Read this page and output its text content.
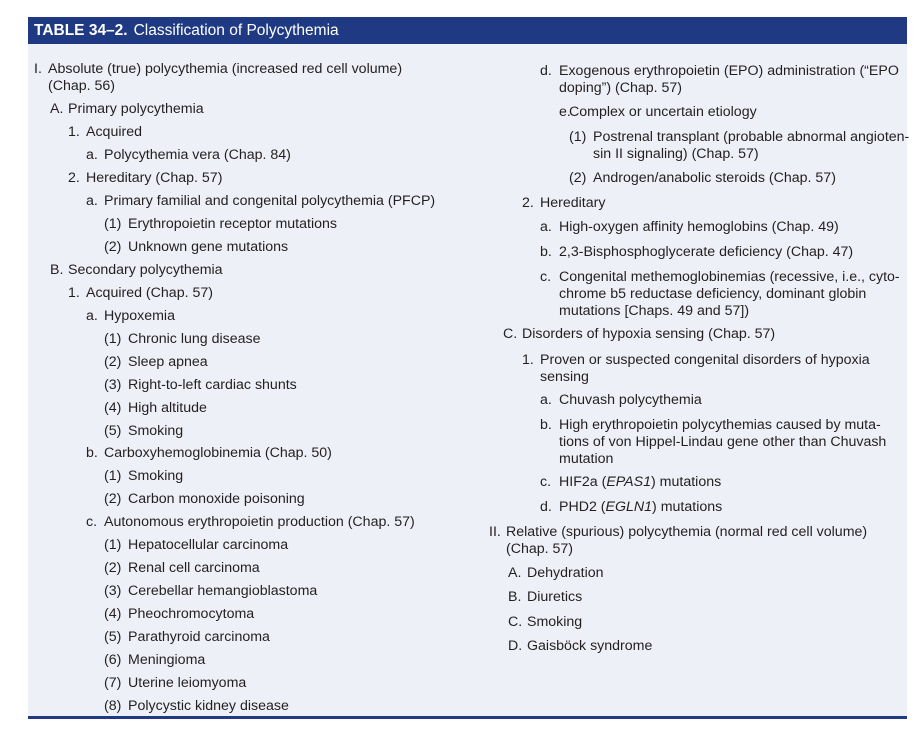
TABLE 34–2. Classification of Polycythemia
I. Absolute (true) polycythemia (increased red cell volume)
(Chap. 56)
A. Primary polycythemia
1. Acquired
a. Polycythemia vera (Chap. 84)
2. Hereditary (Chap. 57)
a. Primary familial and congenital polycythemia (PFCP)
(1) Erythropoietin receptor mutations
(2) Unknown gene mutations
B. Secondary polycythemia
1. Acquired (Chap. 57)
a. Hypoxemia
(1) Chronic lung disease
(2) Sleep apnea
(3) Right-to-left cardiac shunts
(4) High altitude
(5) Smoking
b. Carboxyhemoglobinemia (Chap. 50)
(1) Smoking
(2) Carbon monoxide poisoning
c. Autonomous erythropoietin production (Chap. 57)
(1) Hepatocellular carcinoma
(2) Renal cell carcinoma
(3) Cerebellar hemangioblastoma
(4) Pheochromocytoma
(5) Parathyroid carcinoma
(6) Meningioma
(7) Uterine leiomyoma
(8) Polycystic kidney disease
d. Exogenous erythropoietin (EPO) administration (“EPO
doping”) (Chap. 57)
e.
Complex or uncertain etiology
(1) Postrenal transplant (probable abnormal angioten-
sin II signaling) (Chap. 57)
(2) Androgen/anabolic steroids (Chap. 57)
2. Hereditary
a. High-oxygen affinity hemoglobins (Chap. 49)
b. 2,3-Bisphosphoglycerate deficiency (Chap. 47)
c. Congenital methemoglobinemias (recessive, i.e., cyto-
chrome b5 reductase deficiency, dominant globin
mutations [Chaps. 49 and 57])
C. Disorders of hypoxia sensing (Chap. 57)
1. Proven or suspected congenital disorders of hypoxia
sensing
a. Chuvash polycythemia
b. High erythropoietin polycythemias caused by muta-
tions of von Hippel-Lindau gene other than Chuvash
mutation
c. HIF2a (EPAS1) mutations
d. PHD2 (EGLN1) mutations
II. Relative (spurious) polycythemia (normal red cell volume)
(Chap. 57)
A. Dehydration
B. Diuretics
C. Smoking
D. Gaisböck syndrome
